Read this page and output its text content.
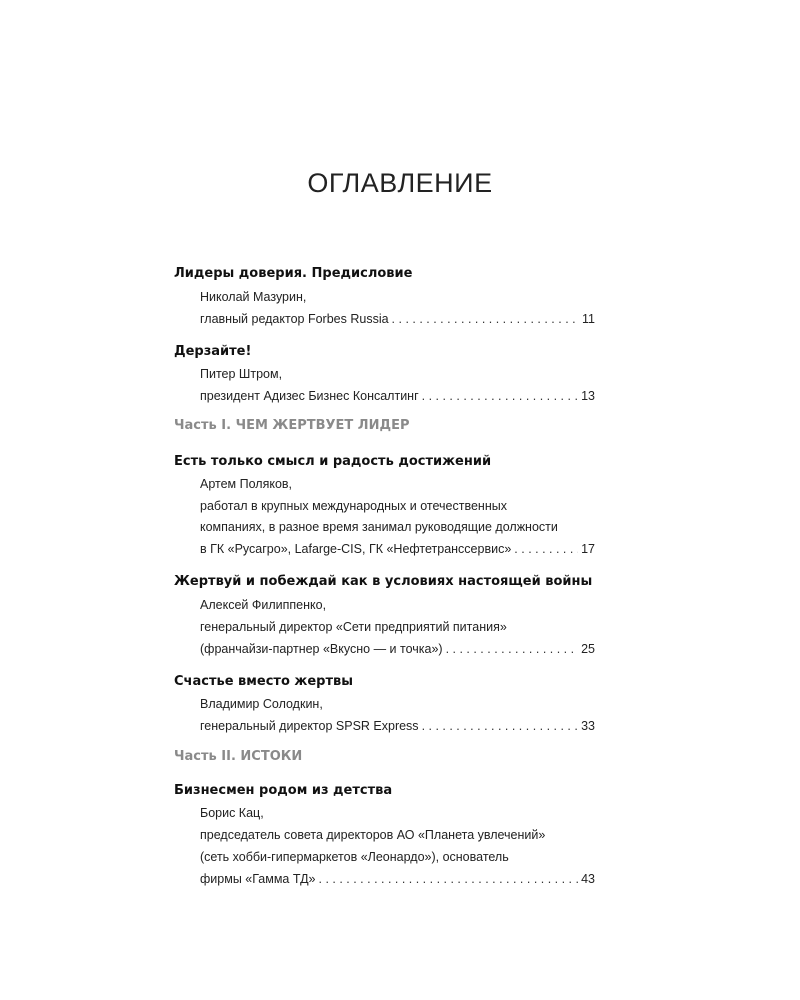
ОГЛАВЛЕНИЕ
Лидеры доверия. Предисловие
Николай Мазурин,
главный редактор Forbes Russia . . .	11
Дерзайте!
Питер Штром,
президент Адизес Бизнес Консалтинг . . .	13
Часть I. ЧЕМ ЖЕРТВУЕТ ЛИДЕР
Есть только смысл и радость достижений
Артем Поляков,
работал в крупных международных и отечественных
компаниях, в разное время занимал руководящие должности
в ГК «Русагро», Lafarge-CIS, ГК «Нефтетранссервис» . . .	17
Жертвуй и побеждай как в условиях настоящей войны
Алексей Филиппенко,
генеральный директор «Сети предприятий питания»
(франчайзи-партнер «Вкусно — и точка») . . .	25
Счастье вместо жертвы
Владимир Солодкин,
генеральный директор SPSR Express . . .	33
Часть II. ИСТОКИ
Бизнесмен родом из детства
Борис Кац,
председатель совета директоров АО «Планета увлечений»
(сеть хобби-гипермаркетов «Леонардо»), основатель
фирмы «Гамма ТД» . . .	43
